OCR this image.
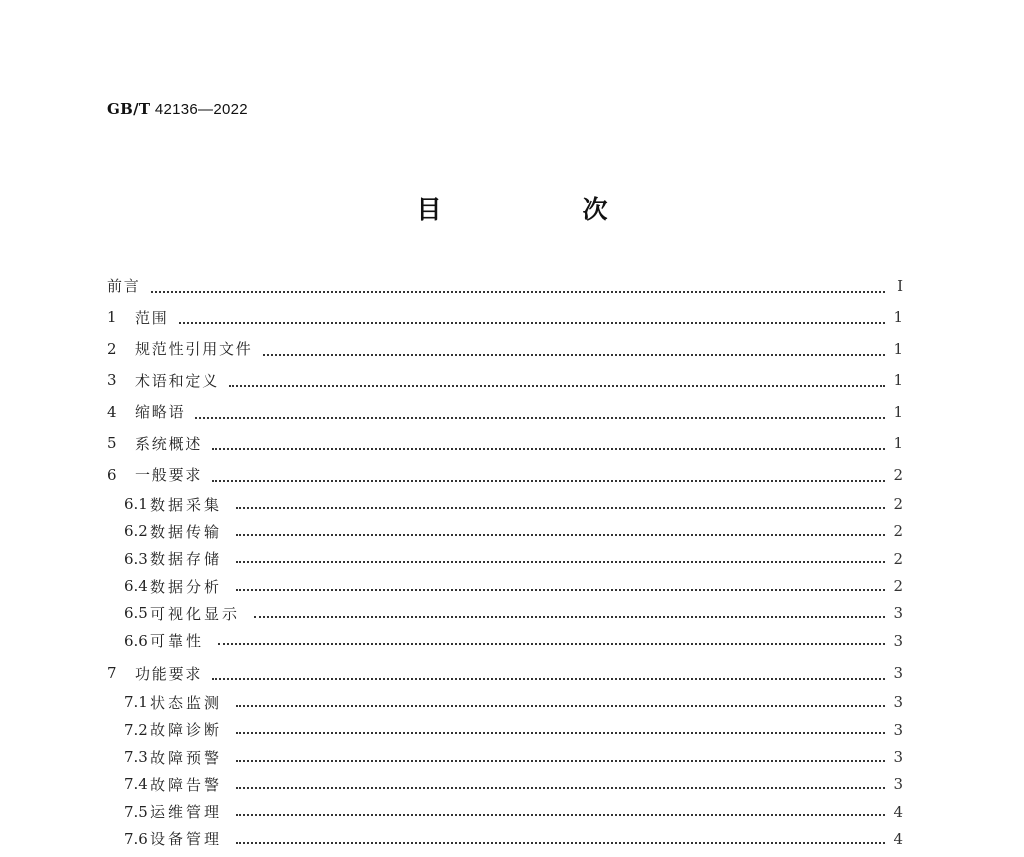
GB/T 42136—2022
目　次
前言	Ⅰ
1	范围	1
2	规范性引用文件	1
3	术语和定义	1
4	缩略语	1
5	系统概述	1
6	一般要求	2
6.1 数据采集	2
6.2 数据传输	2
6.3 数据存储	2
6.4 数据分析	2
6.5 可视化显示	3
6.6 可靠性	3
7	功能要求	3
7.1 状态监测	3
7.2 故障诊断	3
7.3 故障预警	3
7.4 故障告警	3
7.5 运维管理	4
7.6 设备管理	4
